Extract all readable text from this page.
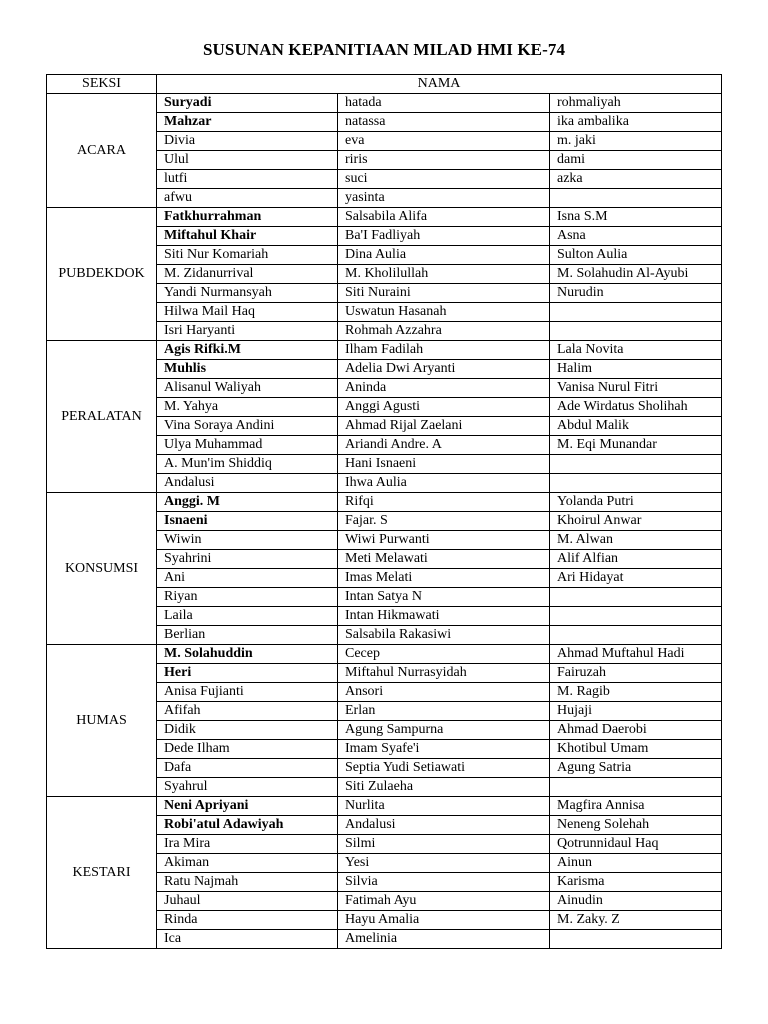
SUSUNAN KEPANITIAAN MILAD HMI KE-74
SEKSI	NAMA		
ACARA	Suryadi	hatada	rohmaliyah
	Mahzar	natassa	ika ambalika
	Divia	eva	m. jaki
	Ulul	riris	dami
	lutfi	suci	azka
	afwu	yasinta	
PUBDEKDOK	Fatkhurrahman	Salsabila Alifa	Isna S.M
	Miftahul Khair	Ba'I Fadliyah	Asna
	Siti Nur Komariah	Dina Aulia	Sulton Aulia
	M. Zidanurrival	M. Kholilullah	M. Solahudin Al-Ayubi
	Yandi Nurmansyah	Siti Nuraini	Nurudin
	Hilwa Mail Haq	Uswatun Hasanah	
	Isri Haryanti	Rohmah Azzahra	
PERALATAN	Agis Rifki.M	Ilham Fadilah	Lala Novita
	Muhlis	Adelia Dwi Aryanti	Halim
	Alisanul Waliyah	Aninda	Vanisa Nurul Fitri
	M. Yahya	Anggi Agusti	Ade Wirdatus Sholihah
	Vina Soraya Andini	Ahmad Rijal Zaelani	Abdul Malik
	Ulya Muhammad	Ariandi Andre. A	M. Eqi Munandar
	A. Mun'im Shiddiq	Hani Isnaeni	
	Andalusi	Ihwa Aulia	
KONSUMSI	Anggi. M	Rifqi	Yolanda Putri
	Isnaeni	Fajar. S	Khoirul Anwar
	Wiwin	Wiwi Purwanti	M. Alwan
	Syahrini	Meti Melawati	Alif Alfian
	Ani	Imas Melati	Ari Hidayat
	Riyan	Intan Satya N	
	Laila	Intan Hikmawati	
	Berlian	Salsabila Rakasiwi	
HUMAS	M. Solahuddin	Cecep	Ahmad Muftahul Hadi
	Heri	Miftahul Nurrasyidah	Fairuzah
	Anisa Fujianti	Ansori	M. Ragib
	Afifah	Erlan	Hujaji
	Didik	Agung Sampurna	Ahmad Daerobi
	Dede Ilham	Imam Syafe'i	Khotibul Umam
	Dafa	Septia Yudi Setiawati	Agung Satria
	Syahrul	Siti Zulaeha	
KESTARI	Neni Apriyani	Nurlita	Magfira Annisa
	Robi'atul Adawiyah	Andalusi	Neneng Solehah
	Ira Mira	Silmi	Qotrunnidaul Haq
	Akiman	Yesi	Ainun
	Ratu Najmah	Silvia	Karisma
	Juhaul	Fatimah Ayu	Ainudin
	Rinda	Hayu Amalia	M. Zaky. Z
	Ica	Amelinia	
